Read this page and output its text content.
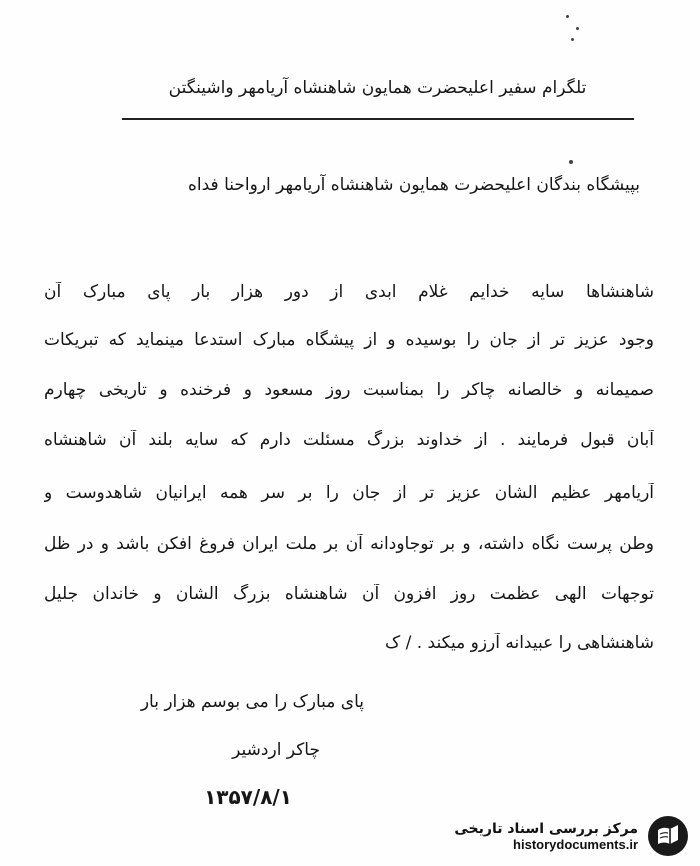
تلگرام سفیر اعلیحضرت همایون شاهنشاه آریامهر واشینگتن
بپیشگاه بندگان اعلیحضرت همایون شاهنشاه آریامهر ارواحنا فداه
شاهنشاها سایه خدایم غلام ابدی از دور هزار بار پای مبارک آن
وجود عزیز تر از جان را بوسیده و از پیشگاه مبارک استدعا مینماید که تبریکات
صمیمانه و خالصانه چاکر را بمناسبت روز مسعود و فرخنده و تاریخی چهارم
آبان قبول فرمایند . از خداوند بزرگ مسئلت دارم که سایه بلند آن شاهنشاه
آریامهر عظیم الشان عزیز تر از جان را بر سر همه ایرانیان شاهدوست و
وطن پرست نگاه داشته، و بر توجاودانه آن بر ملت ایران فروغ افکن باشد و در ظل
توجهات الهی عظمت روز افزون آن شاهنشاه بزرگ الشان و خاندان جلیل
شاهنشاهی را عبیدانه آرزو میکند . / ک
پای مبارک را می بوسم هزار بار
چاکر اردشیر
۱۳۵۷/۸/۱
مرکز بررسی اسناد تاریخی
historydocuments.ir
